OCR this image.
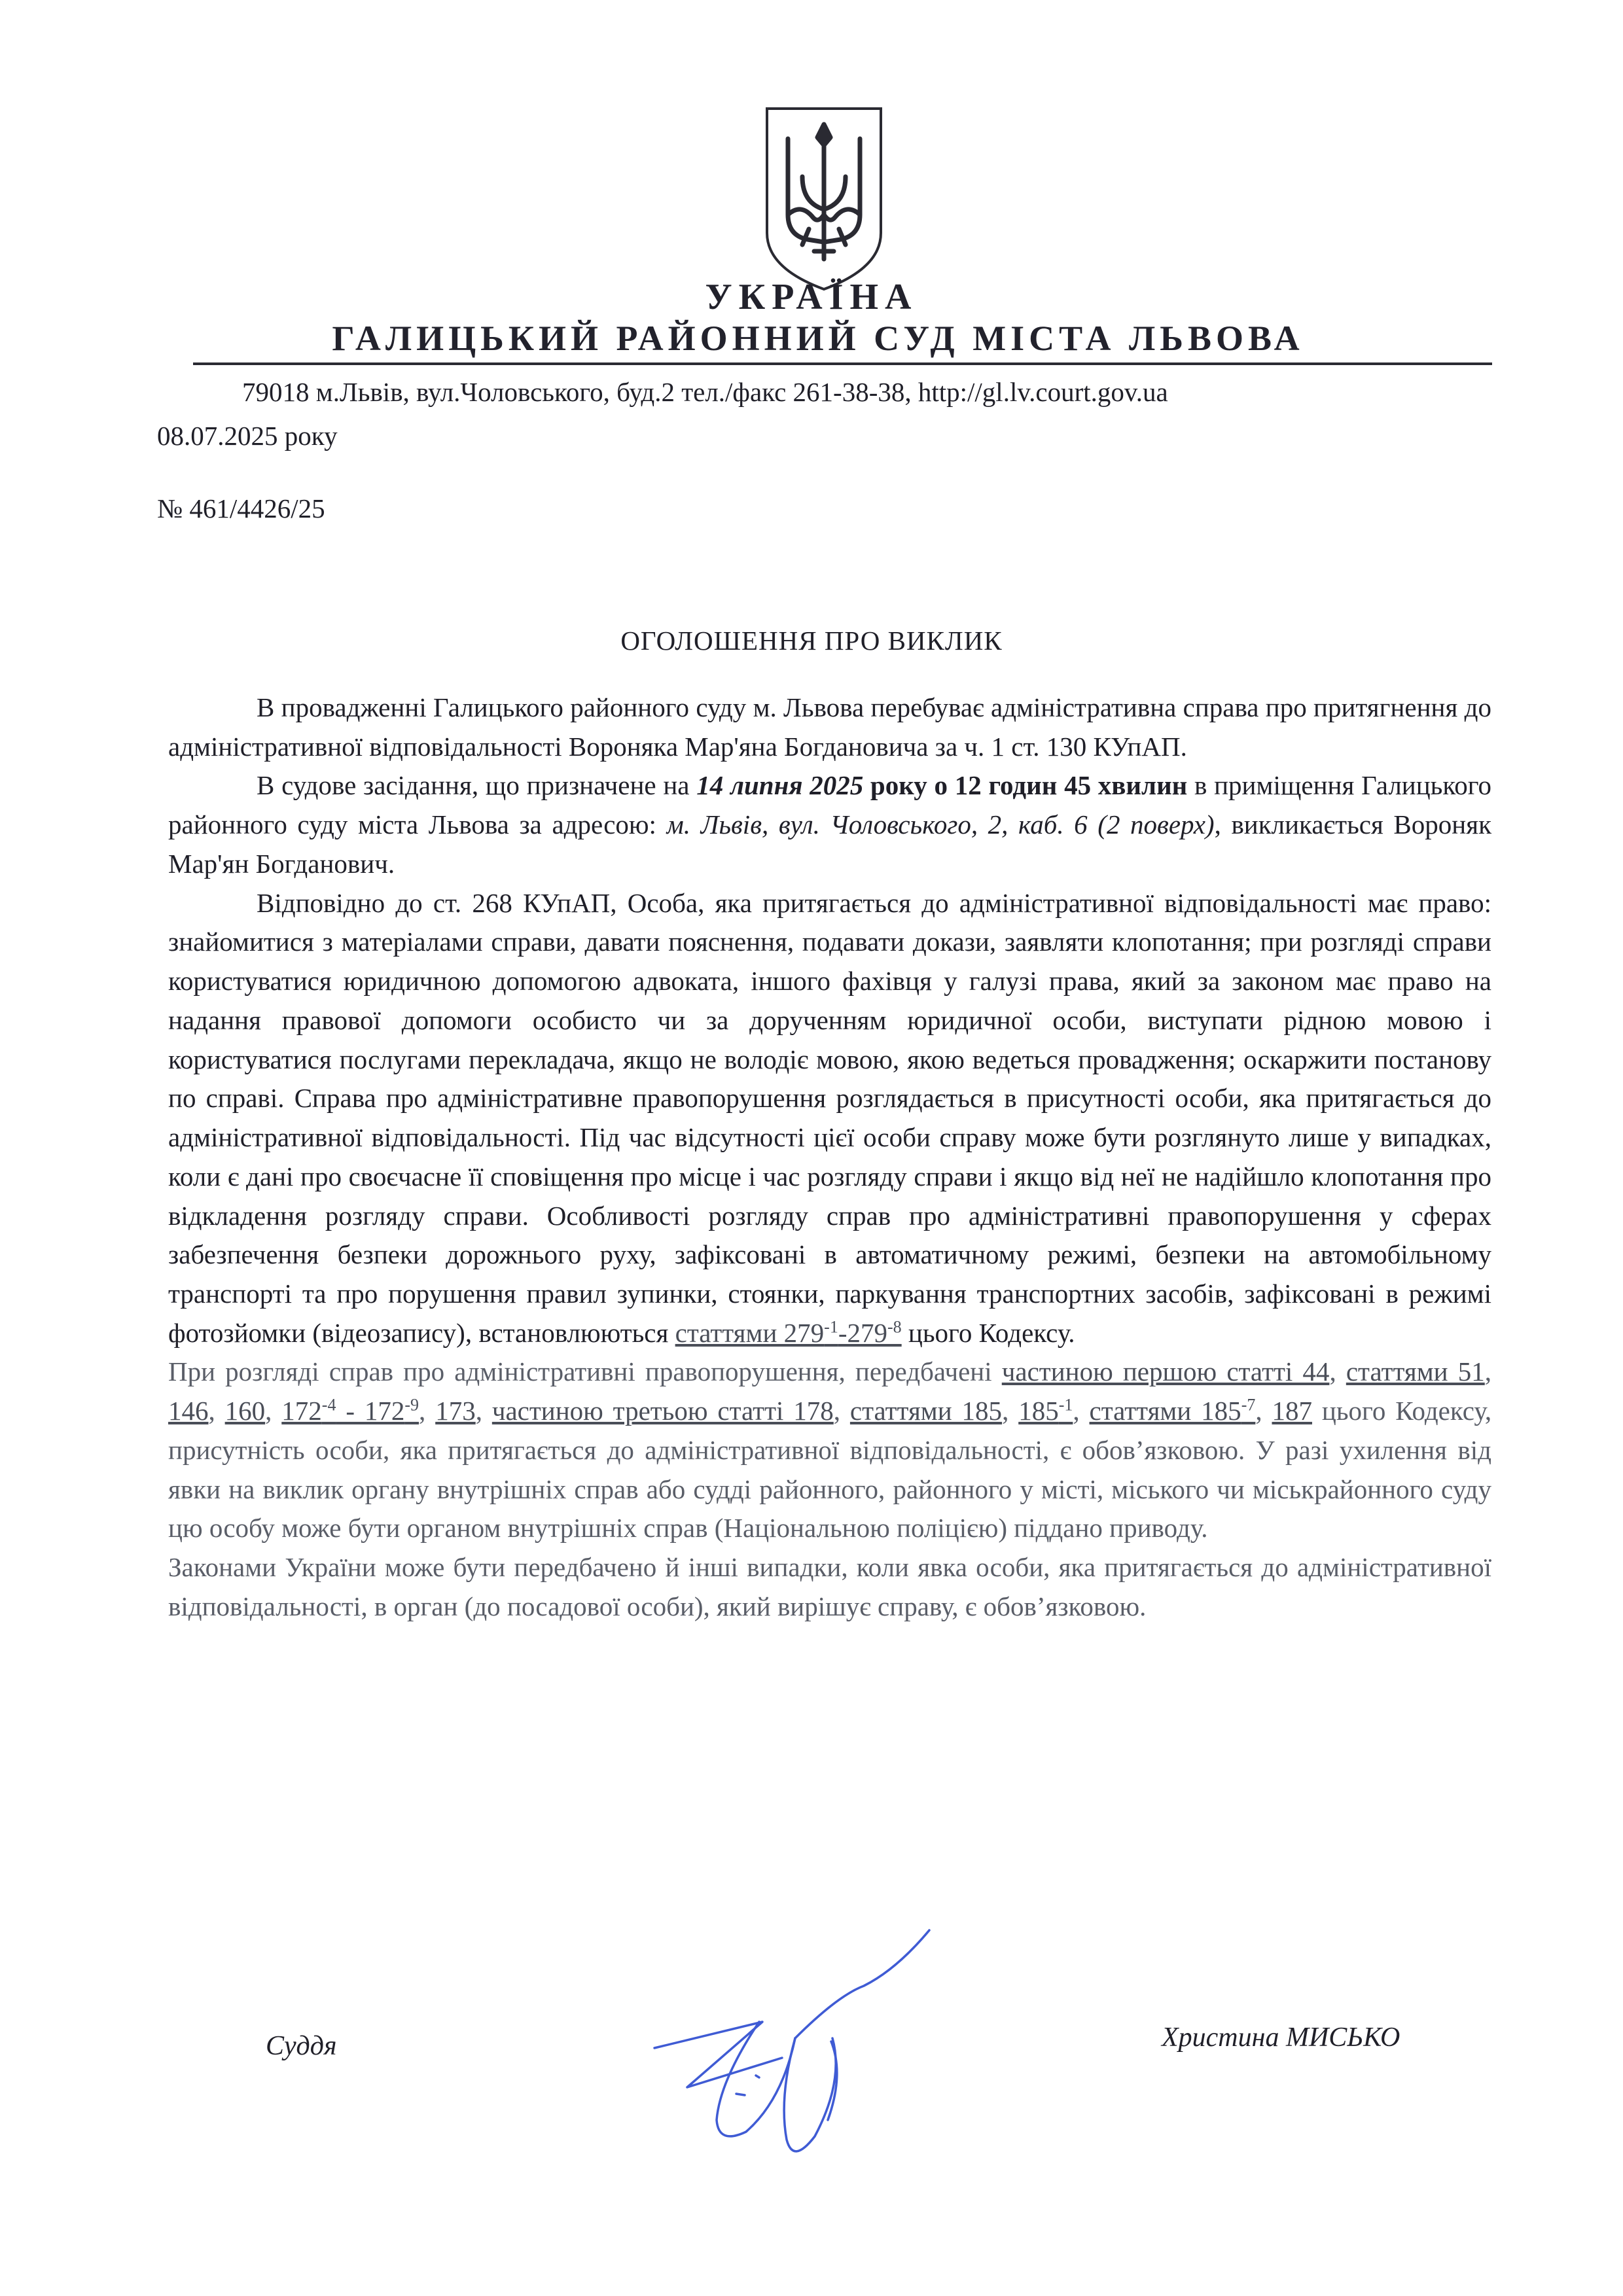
УКРАЇНА
ГАЛИЦЬКИЙ РАЙОННИЙ СУД МІСТА ЛЬВОВА
79018 м.Львів, вул.Чоловського, буд.2 тел./факс 261-38-38, http://gl.lv.court.gov.ua
08.07.2025 року
№ 461/4426/25
ОГОЛОШЕННЯ ПРО ВИКЛИК

В провадженні Галицького районного суду м. Львова перебуває адміністративна справа про притягнення до адміністративної відповідальності Вороняка Мар'яна Богдановича за ч. 1 ст. 130 КУпАП.

В судове засідання, що призначене на 14 липня 2025 року о 12 годин 45 хвилин в приміщення Галицького районного суду міста Львова за адресою: м. Львів, вул. Чоловського, 2, каб. 6 (2 поверх), викликається Вороняк Мар'ян Богданович.

Відповідно до ст. 268 КУпАП, Особа, яка притягається до адміністративної відповідальності має право: знайомитися з матеріалами справи, давати пояснення, подавати докази, заявляти клопотання; при розгляді справи користуватися юридичною допомогою адвоката, іншого фахівця у галузі права, який за законом має право на надання правової допомоги особисто чи за дорученням юридичної особи, виступати рідною мовою і користуватися послугами перекладача, якщо не володіє мовою, якою ведеться провадження; оскаржити постанову по справі. Справа про адміністративне правопорушення розглядається в присутності особи, яка притягається до адміністративної відповідальності. Під час відсутності цієї особи справу може бути розглянуто лише у випадках, коли є дані про своєчасне її сповіщення про місце і час розгляду справи і якщо від неї не надійшло клопотання про відкладення розгляду справи. Особливості розгляду справ про адміністративні правопорушення у сферах забезпечення безпеки дорожнього руху, зафіксовані в автоматичному режимі, безпеки на автомобільному транспорті та про порушення правил зупинки, стоянки, паркування транспортних засобів, зафіксовані в режимі фотозйомки (відеозапису), встановлюються статтями $279^{-1}-279^{-8}$ цього Кодексу.

При розгляді справ про адміністративні правопорушення, передбачені частиною першою статті 44, статтями 51, 146, 160, $172^{-4} - 172^{-9}$, 173, частиною третьою статті 178, статтями 185, $185^{-1}$, статтями $185^{-7}$, 187 цього Кодексу, присутність особи, яка притягається до адміністративної відповідальності, є обов’язковою. У разі ухилення від явки на виклик органу внутрішніх справ або судді районного, районного у місті, міського чи міськрайонного суду цю особу може бути органом внутрішніх справ (Національною поліцією) піддано приводу.

Законами України може бути передбачено й інші випадки, коли явка особи, яка притягається до адміністративної відповідальності, в орган (до посадової особи), який вирішує справу, є обов’язковою.

Суддя	Христина МИСЬКО
